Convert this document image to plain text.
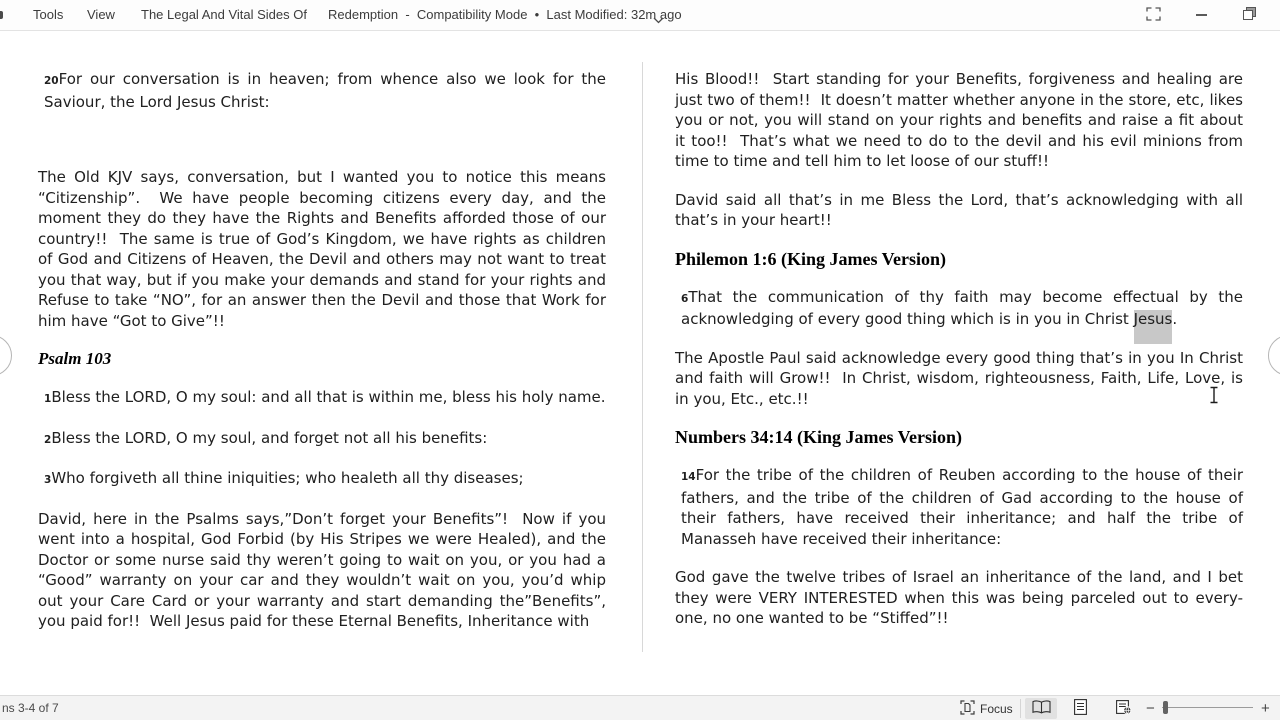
Tools View The Legal And Vital Sides Of Redemption  -  Compatibility Mode  •  Last Modified: 32m ago

20For our conversation is in heaven; from whence also we look for the Saviour, the Lord Jesus Christ:

The Old KJV says, conversation, but I wanted you to notice this means “Citizenship”.  We have people becoming citizens every day, and the moment they do they have the Rights and Benefits afforded those of our country!!  The same is true of God’s Kingdom, we have rights as children of God and Citizens of Heaven, the Devil and others may not want to treat you that way, but if you make your demands and stand for your rights and Refuse to take “NO”, for an answer then the Devil and those that Work for him have “Got to Give”!!

Psalm 103

1Bless the LORD, O my soul: and all that is within me, bless his holy name.

2Bless the LORD, O my soul, and forget not all his benefits:

3Who forgiveth all thine iniquities; who healeth all thy diseases;

David, here in the Psalms says,”Don’t forget your Benefits”!  Now if you went into a hospital, God Forbid (by His Stripes we were Healed), and the Doctor or some nurse said thy weren’t going to wait on you, or you had a “Good” warranty on your car and they wouldn’t wait on you, you’d whip out your Care Card or your warranty and start demanding the”Benefits”, you paid for!!  Well Jesus paid for these Eternal Benefits, Inheritance with

His Blood!!  Start standing for your Benefits, forgiveness and healing are just two of them!!  It doesn’t matter whether anyone in the store, etc, likes you or not, you will stand on your rights and benefits and raise a fit about it too!!  That’s what we need to do to the devil and his evil minions from time to time and tell him to let loose of our stuff!!

David said all that’s in me Bless the Lord, that’s acknowledging with all that’s in your heart!!

Philemon 1:6 (King James Version)

6That the communication of thy faith may become effectual by the acknowledging of every good thing which is in you in Christ Jesus.

The Apostle Paul said acknowledge every good thing that’s in you In Christ and faith will Grow!!  In Christ, wisdom, righteousness, Faith, Life, Love, is in you, Etc., etc.!!

Numbers 34:14 (King James Version)

14For the tribe of the children of Reuben according to the house of their fathers, and the tribe of the children of Gad according to the house of their fathers, have received their inheritance; and half the tribe of Manasseh have received their inheritance:

God gave the twelve tribes of Israel an inheritance of the land, and I bet they were VERY INTERESTED when this was being parceled out to every-one, no one wanted to be “Stiffed”!!

ns 3-4 of 7	Focus	−	+
